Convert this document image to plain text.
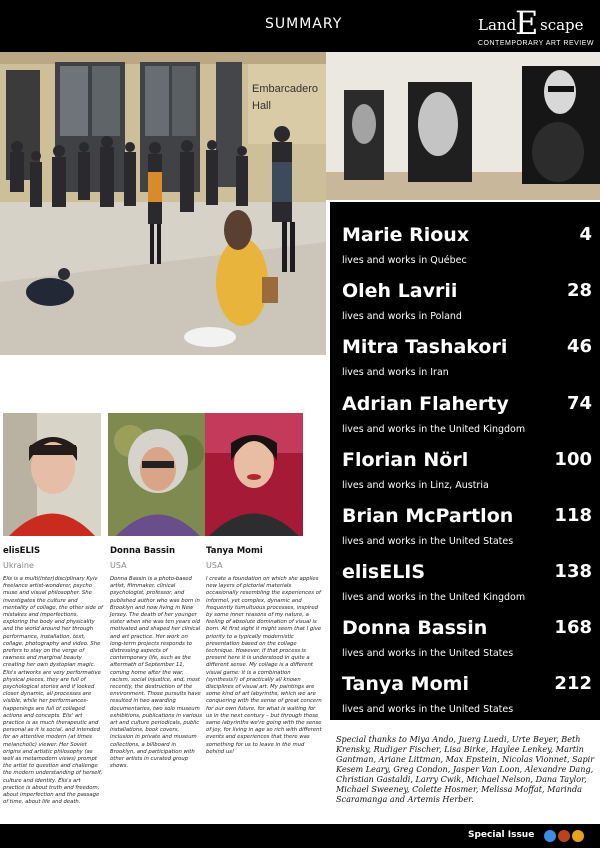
SUMMARY	Land
E scape
CONTEMPORARY ART REVIEW
Embarcadero
Hall
Marie Rioux	4
lives and works in Québec
Oleh Lavrii	28
lives and works in Poland
Mitra Tashakori	46
lives and works in Iran
Adrian Flaherty	74
lives and works in the United Kingdom
Florian Nörl	100
lives and works in Linz, Austria
Brian McPartlon 118
lives and works in the United States
elisELIS	138
lives and works in the United Kingdom
Donna Bassin	168
lives and works in the United States
Tanya Momi	212
lives and works in the United States
elisELIS	Donna Bassin	Tanya Momi
Ukraine	USA	USA
Elis is a multi(inter)disciplinary Kyiv freelance artist-wonderer, psycho muse and visual philosopher. She investigates the culture and mentality of collage, the other side of mistakes and imperfections, exploring the body and physicality and the world around her through performance, installation, text, collage, photography and video. She prefers to stay on the verge of rawness and marginal beauty creating her own dystopian magic. Elis's artworks are very performative physical pieces, they are full of psychological stories and if looked closer dynamic, all processes are visible, while her performances-happenings are full of collaged actions and concepts. Elis' art practice is as much therapeutic and personal as it is social, and intended for an attentive modern (at times melancholic) viewer. Her Soviet origins and artistic philosophy (as well as metamodern views) prompt the artist to question and challenge the modern understanding of herself, culture and identity. Elis's art practice is about truth and freedom, about imperfection and the passage of time, about life and death.
Donna Bassin is a photo-based artist, filmmaker, clinical psychologist, professor, and published author who was born in Brooklyn and now living in New Jersey. The death of her younger sister when she was ten years old motivated and shaped her clinical and art practice. Her work on long-term projects responds to distressing aspects of contemporary life, such as the aftermath of September 11, coming home after the war, racism, social injustice, and, most recently, the destruction of the environment. Those pursuits have resulted in two awarding documentaries, two solo museum exhibitions, publications in various art and culture periodicals, public installations, book covers, inclusion in private and museum collections, a billboard in Brooklyn, and participation with other artists in curated group shows.
I create a foundation on which she applies new layers of pictorial materials occasionally resembling the experiences of informel, yet complex, dynamic and frequently tumultuous processes, inspired by some inner reasons of my nature, a feeling of absolute domination of visual is born. At first sight it might seem that I give priority to a typically modernistic presentation based on the collage technique. However, if that process is present here it is understood in quite a different sense. My collage is a different visual game: it is a combination (synthesis?) of practically all known disciplines of visual art. My paintings are some kind of art labyrinths, which we are conquering with the sense of great concern for our own future, for what is waiting for us in the next century – but through those same labyrinths we're going with the sense of joy, for living in age so rich with different events and experiences that there was something for us to leave in the mud behind us!
Special thanks to Miya Ando, Juerg Luedi, Urte Beyer, Beth Krensky, Rudiger Fischer, Lisa Birke, Haylee Lenkey, Martin Gantman, Ariane Littman, Max Epstein, Nicolas Vionnet, Sapir Kesem Leary, Greg Condon, Jasper Van Loon, Alexandre Dang, Christian Gastaldi, Larry Cwik, Michael Nelson, Dana Taylor, Michael Sweeney, Colette Hosmer, Melissa Moffat, Marinda Scaramanga and Artemis Herber.
Special Issue
